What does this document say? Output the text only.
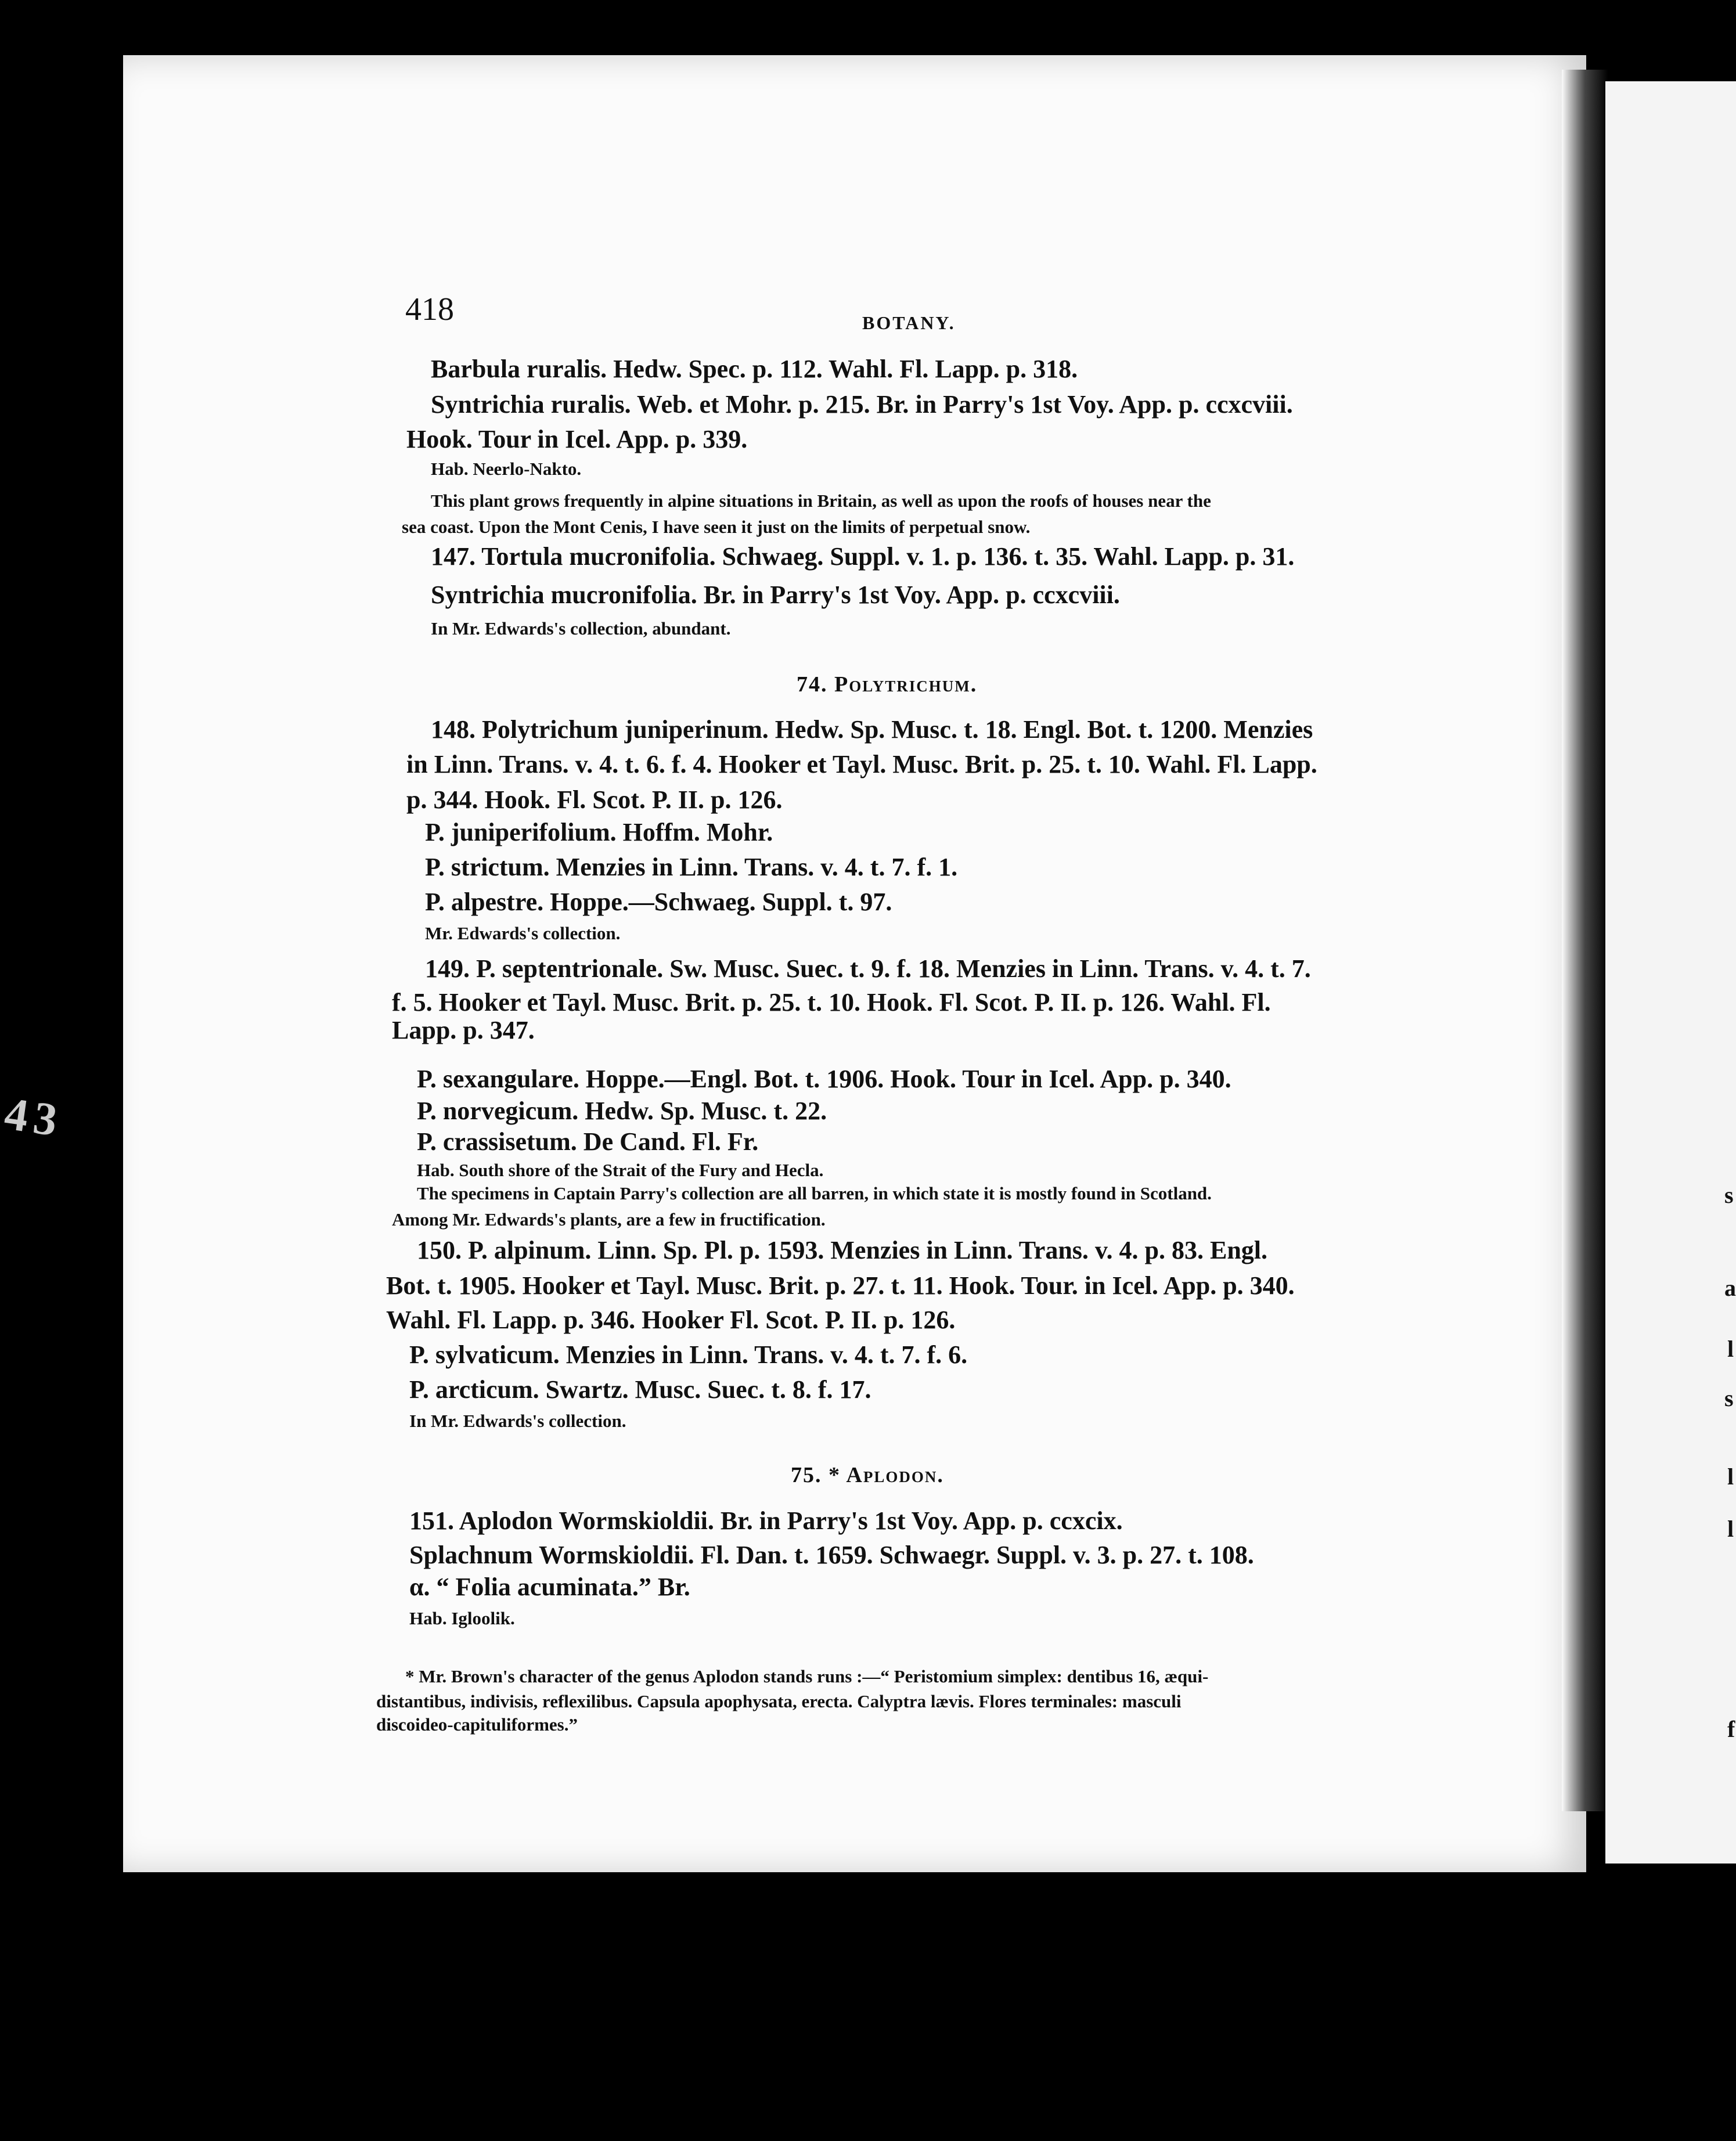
43
s
a
l
s
l
l
f
418	BOTANY.
Barbula ruralis. Hedw. Spec. p. 112. Wahl. Fl. Lapp. p. 318.
Syntrichia ruralis. Web. et Mohr. p. 215. Br. in Parry's 1st Voy. App. p. ccxcviii.
Hook. Tour in Icel. App. p. 339.
Hab. Neerlo-Nakto.
This plant grows frequently in alpine situations in Britain, as well as upon the roofs of houses near the
sea coast. Upon the Mont Cenis, I have seen it just on the limits of perpetual snow.
147. Tortula mucronifolia. Schwaeg. Suppl. v. 1. p. 136. t. 35. Wahl. Lapp. p. 31.
Syntrichia mucronifolia. Br. in Parry's 1st Voy. App. p. ccxcviii.
In Mr. Edwards's collection, abundant.
74. Polytrichum.
148. Polytrichum juniperinum. Hedw. Sp. Musc. t. 18. Engl. Bot. t. 1200. Menzies
in Linn. Trans. v. 4. t. 6. f. 4. Hooker et Tayl. Musc. Brit. p. 25. t. 10. Wahl. Fl. Lapp.
p. 344. Hook. Fl. Scot. P. II. p. 126.
P. juniperifolium. Hoffm. Mohr.
P. strictum. Menzies in Linn. Trans. v. 4. t. 7. f. 1.
P. alpestre. Hoppe.—Schwaeg. Suppl. t. 97.
Mr. Edwards's collection.
149. P. septentrionale. Sw. Musc. Suec. t. 9. f. 18. Menzies in Linn. Trans. v. 4. t. 7.
f. 5. Hooker et Tayl. Musc. Brit. p. 25. t. 10. Hook. Fl. Scot. P. II. p. 126. Wahl. Fl.
Lapp. p. 347.
P. sexangulare. Hoppe.—Engl. Bot. t. 1906. Hook. Tour in Icel. App. p. 340.
P. norvegicum. Hedw. Sp. Musc. t. 22.
P. crassisetum. De Cand. Fl. Fr.
Hab. South shore of the Strait of the Fury and Hecla.
The specimens in Captain Parry's collection are all barren, in which state it is mostly found in Scotland.
Among Mr. Edwards's plants, are a few in fructification.
150. P. alpinum. Linn. Sp. Pl. p. 1593. Menzies in Linn. Trans. v. 4. p. 83. Engl.
Bot. t. 1905. Hooker et Tayl. Musc. Brit. p. 27. t. 11. Hook. Tour. in Icel. App. p. 340.
Wahl. Fl. Lapp. p. 346. Hooker Fl. Scot. P. II. p. 126.
P. sylvaticum. Menzies in Linn. Trans. v. 4. t. 7. f. 6.
P. arcticum. Swartz. Musc. Suec. t. 8. f. 17.
In Mr. Edwards's collection.
75. * Aplodon.
151. Aplodon Wormskioldii. Br. in Parry's 1st Voy. App. p. ccxcix.
Splachnum Wormskioldii. Fl. Dan. t. 1659. Schwaegr. Suppl. v. 3. p. 27. t. 108.
α. “ Folia acuminata.” Br.
Hab. Igloolik.
* Mr. Brown's character of the genus Aplodon stands runs :—“ Peristomium simplex: dentibus 16, æqui-
distantibus, indivisis, reflexilibus. Capsula apophysata, erecta. Calyptra lævis. Flores terminales: masculi
discoideo-capituliformes.”
